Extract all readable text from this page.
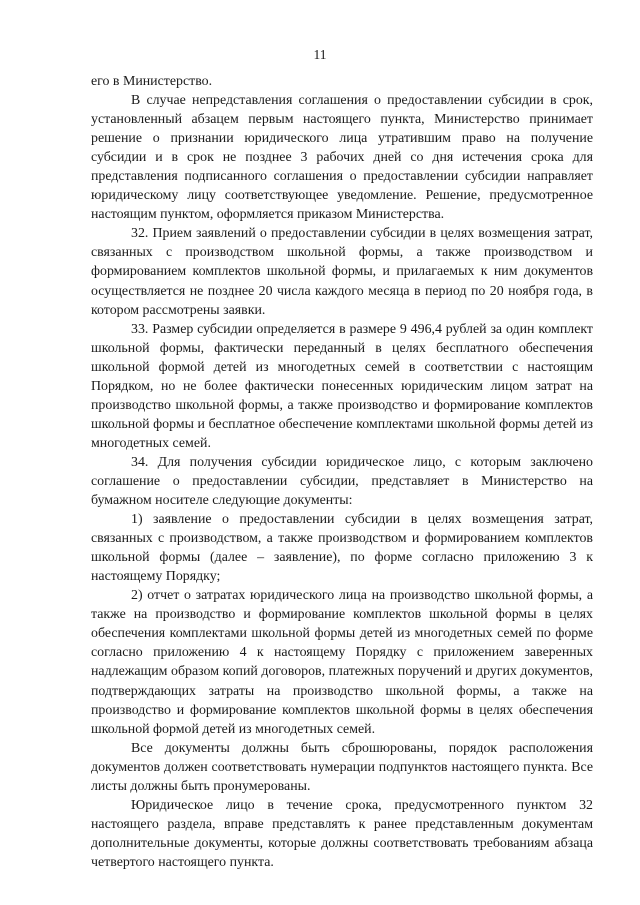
11

его в Министерство.

В случае непредставления соглашения о предоставлении субсидии в срок, установленный абзацем первым настоящего пункта, Министерство принимает решение о признании юридического лица утратившим право на получение субсидии и в срок не позднее 3 рабочих дней со дня истечения срока для представления подписанного соглашения о предоставлении субсидии направляет юридическому лицу соответствующее уведомление. Решение, предусмотренное настоящим пунктом, оформляется приказом Министерства.

32. Прием заявлений о предоставлении субсидии в целях возмещения затрат, связанных с производством школьной формы, а также производством и формированием комплектов школьной формы, и прилагаемых к ним документов осуществляется не позднее 20 числа каждого месяца в период по 20 ноября года, в котором рассмотрены заявки.

33. Размер субсидии определяется в размере 9 496,4 рублей за один комплект школьной формы, фактически переданный в целях бесплатного обеспечения школьной формой детей из многодетных семей в соответствии с настоящим Порядком, но не более фактически понесенных юридическим лицом затрат на производство школьной формы, а также производство и формирование комплектов школьной формы и бесплатное обеспечение комплектами школьной формы детей из многодетных семей.

34. Для получения субсидии юридическое лицо, с которым заключено соглашение о предоставлении субсидии, представляет в Министерство на бумажном носителе следующие документы:

1) заявление о предоставлении субсидии в целях возмещения затрат, связанных с производством, а также производством и формированием комплектов школьной формы (далее – заявление), по форме согласно приложению 3 к настоящему Порядку;

2) отчет о затратах юридического лица на производство школьной формы, а также на производство и формирование комплектов школьной формы в целях обеспечения комплектами школьной формы детей из многодетных семей по форме согласно приложению 4 к настоящему Порядку с приложением заверенных надлежащим образом копий договоров, платежных поручений и других документов, подтверждающих затраты на производство школьной формы, а также на производство и формирование комплектов школьной формы в целях обеспечения школьной формой детей из многодетных семей.

Все документы должны быть сброшюрованы, порядок расположения документов должен соответствовать нумерации подпунктов настоящего пункта. Все листы должны быть пронумерованы.

Юридическое лицо в течение срока, предусмотренного пунктом 32 настоящего раздела, вправе представлять к ранее представленным документам дополнительные документы, которые должны соответствовать требованиям абзаца четвертого настоящего пункта.
